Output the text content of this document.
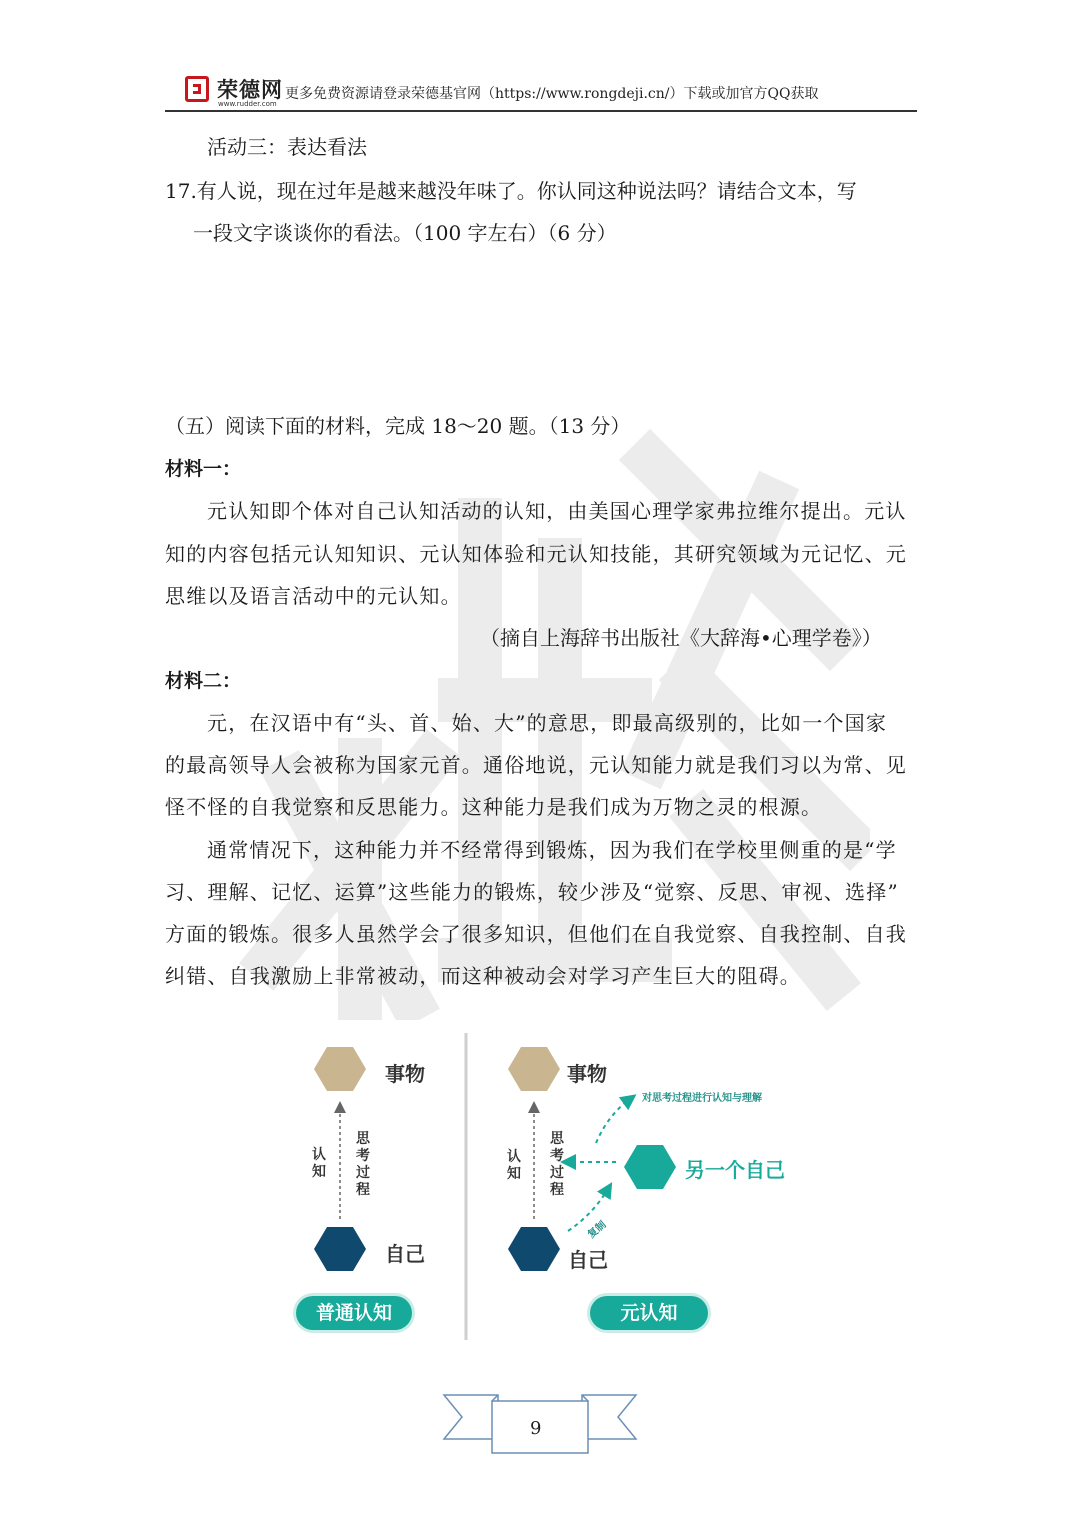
荣德网
www.rudder.com
更多免费资源请登录荣德基官网（https://www.rongdeji.cn/）下载或加官方QQ获取
活动三：表达看法
17.有人说，现在过年是越来越没年味了。你认同这种说法吗？请结合文本，写
一段文字谈谈你的看法。（100 字左右）（6 分）
（五）阅读下面的材料，完成 18～20 题。（13 分）
材料一：
元认知即个体对自己认知活动的认知，由美国心理学家弗拉维尔提出。元认
知的内容包括元认知知识、元认知体验和元认知技能，其研究领域为元记忆、元
思维以及语言活动中的元认知。
（摘自上海辞书出版社《大辞海•心理学卷》）
材料二：
元，在汉语中有“头、首、始、大”的意思，即最高级别的，比如一个国家
的最高领导人会被称为国家元首。通俗地说，元认知能力就是我们习以为常、见
怪不怪的自我觉察和反思能力。这种能力是我们成为万物之灵的根源。
通常情况下，这种能力并不经常得到锻炼，因为我们在学校里侧重的是“学
习、理解、记忆、运算”这些能力的锻炼，较少涉及“觉察、反思、审视、选择”
方面的锻炼。很多人虽然学会了很多知识，但他们在自我觉察、自我控制、自我
纠错、自我激励上非常被动，而这种被动会对学习产生巨大的阻碍。
事物
认知
思考过程
自己
普通认知
事物
对思考过程进行认知与理解
认知
思考过程
另一个自己
复制
自己
元认知
9
